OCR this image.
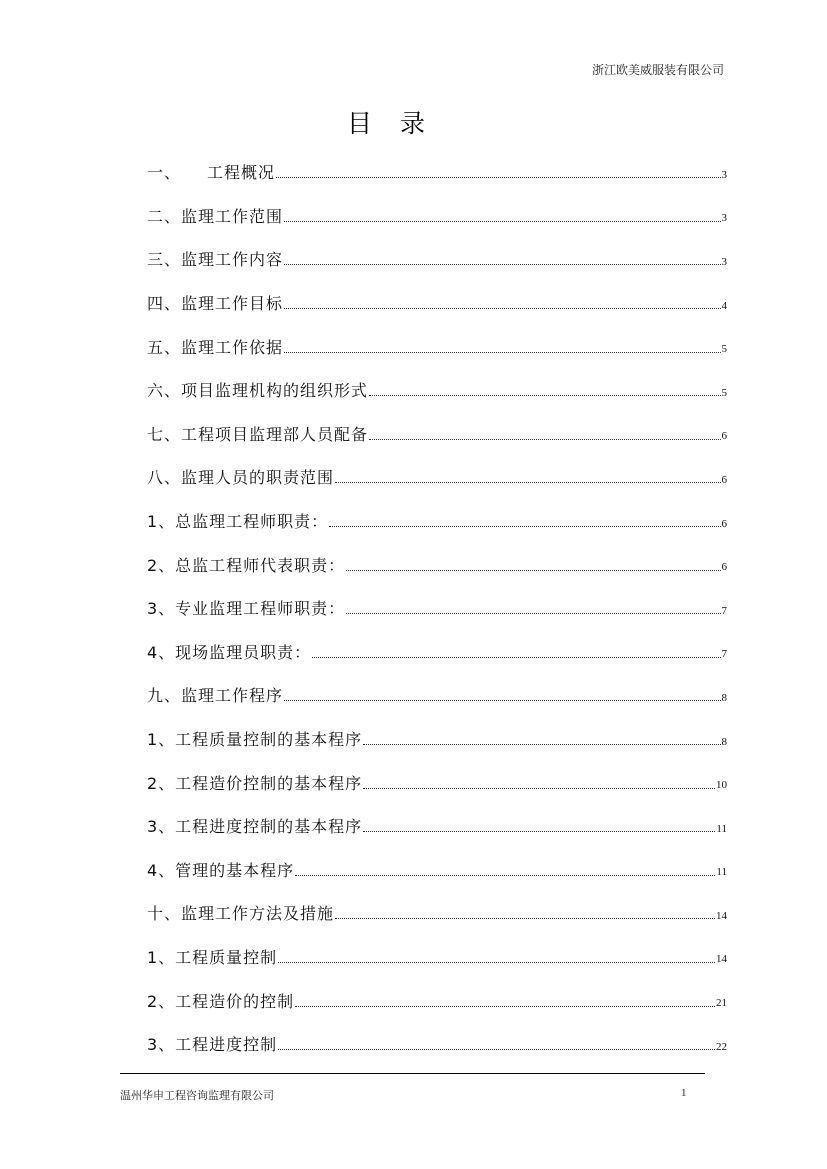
浙江欧美威服装有限公司
目录
一、　　工程概况	3
二、监理工作范围	3
三、监理工作内容	3
四、监理工作目标	4
五、监理工作依据	5
六、项目监理机构的组织形式	5
七、工程项目监理部人员配备	6
八、监理人员的职责范围	6
1、总监理工程师职责：	6
2、总监工程师代表职责：	6
3、专业监理工程师职责：	7
4、现场监理员职责：	7
九、监理工作程序	8
1、工程质量控制的基本程序	8
2、工程造价控制的基本程序	10
3、工程进度控制的基本程序	11
4、管理的基本程序	11
十、监理工作方法及措施	14
1、工程质量控制	14
2、工程造价的控制	21
3、工程进度控制	22
温州华申工程咨询监理有限公司	1
